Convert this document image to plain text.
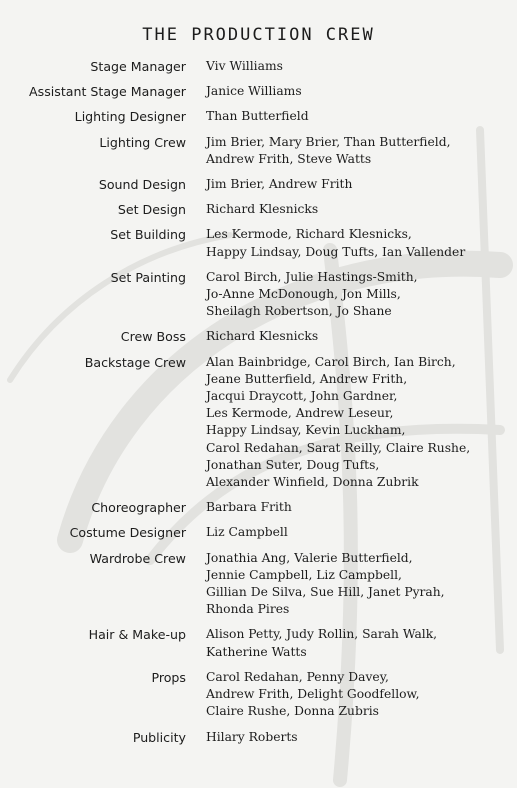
THE PRODUCTION CREW
Stage Manager Viv Williams
Assistant Stage Manager Janice Williams
Lighting Designer Than Butterfield
Lighting Crew Jim Brier, Mary Brier, Than Butterfield,
Andrew Frith, Steve Watts
Sound Design Jim Brier, Andrew Frith
Set Design Richard Klesnicks
Set Building Les Kermode, Richard Klesnicks,
Happy Lindsay, Doug Tufts, Ian Vallender
Set Painting Carol Birch, Julie Hastings-Smith,
Jo-Anne McDonough, Jon Mills,
Sheilagh Robertson, Jo Shane
Crew Boss Richard Klesnicks
Backstage Crew Alan Bainbridge, Carol Birch, Ian Birch,
Jeane Butterfield, Andrew Frith,
Jacqui Draycott, John Gardner,
Les Kermode, Andrew Leseur,
Happy Lindsay, Kevin Luckham,
Carol Redahan, Sarat Reilly, Claire Rushe,
Jonathan Suter, Doug Tufts,
Alexander Winfield, Donna Zubrik
Choreographer Barbara Frith
Costume Designer Liz Campbell
Wardrobe Crew Jonathia Ang, Valerie Butterfield,
Jennie Campbell, Liz Campbell,
Gillian De Silva, Sue Hill, Janet Pyrah,
Rhonda Pires
Hair & Make-up Alison Petty, Judy Rollin, Sarah Walk,
Katherine Watts
Props Carol Redahan, Penny Davey,
Andrew Frith, Delight Goodfellow,
Claire Rushe, Donna Zubris
Publicity Hilary Roberts
